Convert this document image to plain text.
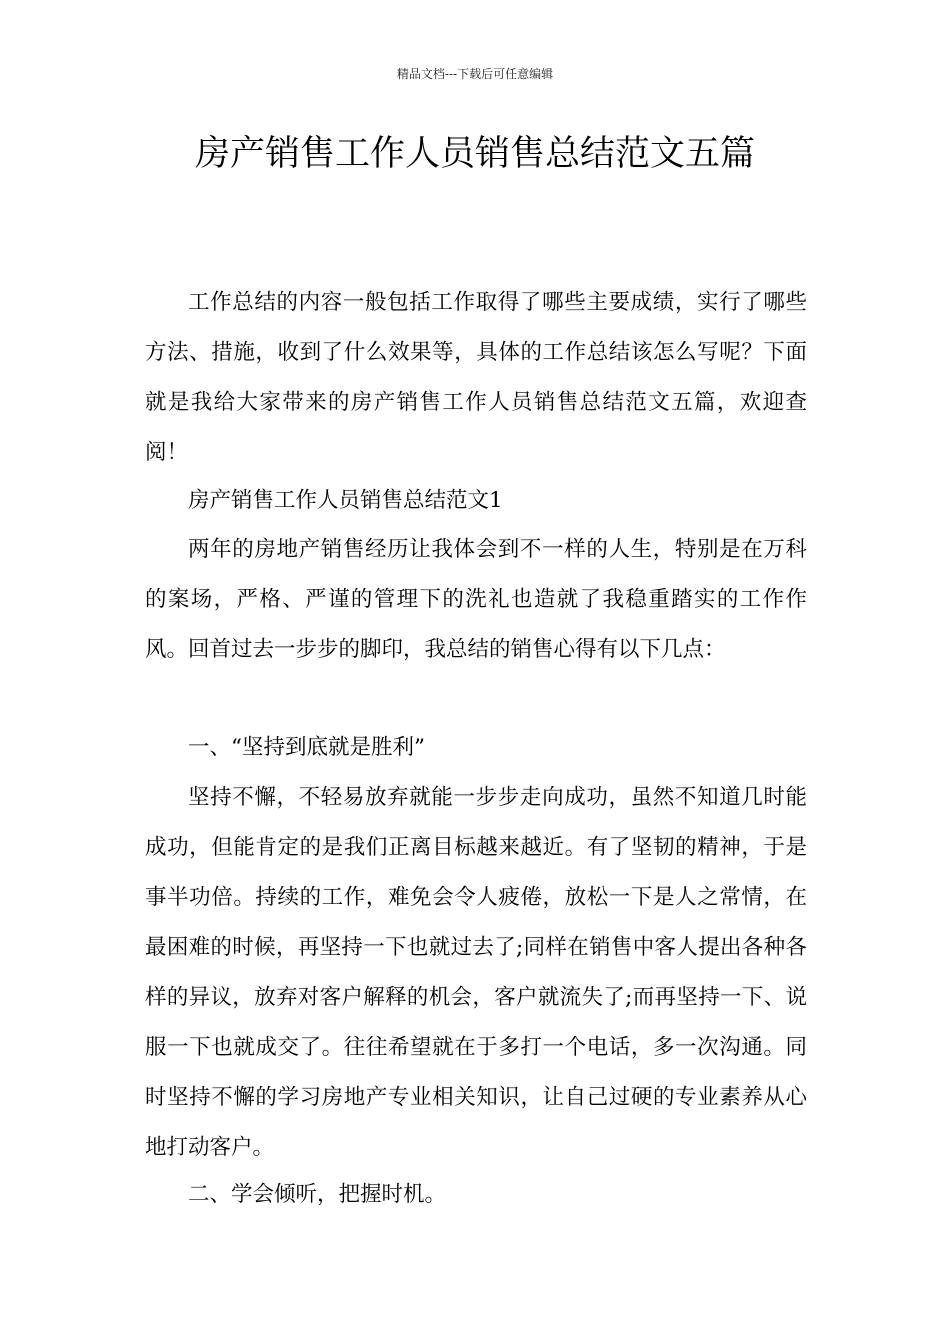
精品文档---下载后可任意编辑
房产销售工作人员销售总结范文五篇

工作总结的内容一般包括工作取得了哪些主要成绩，实行了哪些方法、措施，收到了什么效果等，具体的工作总结该怎么写呢？下面就是我给大家带来的房产销售工作人员销售总结范文五篇，欢迎查阅！

房产销售工作人员销售总结范文1

两年的房地产销售经历让我体会到不一样的人生，特别是在万科的案场，严格、严谨的管理下的洗礼也造就了我稳重踏实的工作作风。回首过去一步步的脚印，我总结的销售心得有以下几点：

一、“坚持到底就是胜利”

坚持不懈，不轻易放弃就能一步步走向成功，虽然不知道几时能成功，但能肯定的是我们正离目标越来越近。有了坚韧的精神，于是事半功倍。持续的工作，难免会令人疲倦，放松一下是人之常情，在最困难的时候，再坚持一下也就过去了;同样在销售中客人提出各种各样的异议，放弃对客户解释的机会，客户就流失了;而再坚持一下、说服一下也就成交了。往往希望就在于多打一个电话，多一次沟通。同时坚持不懈的学习房地产专业相关知识，让自己过硬的专业素养从心地打动客户。

二、学会倾听，把握时机。
